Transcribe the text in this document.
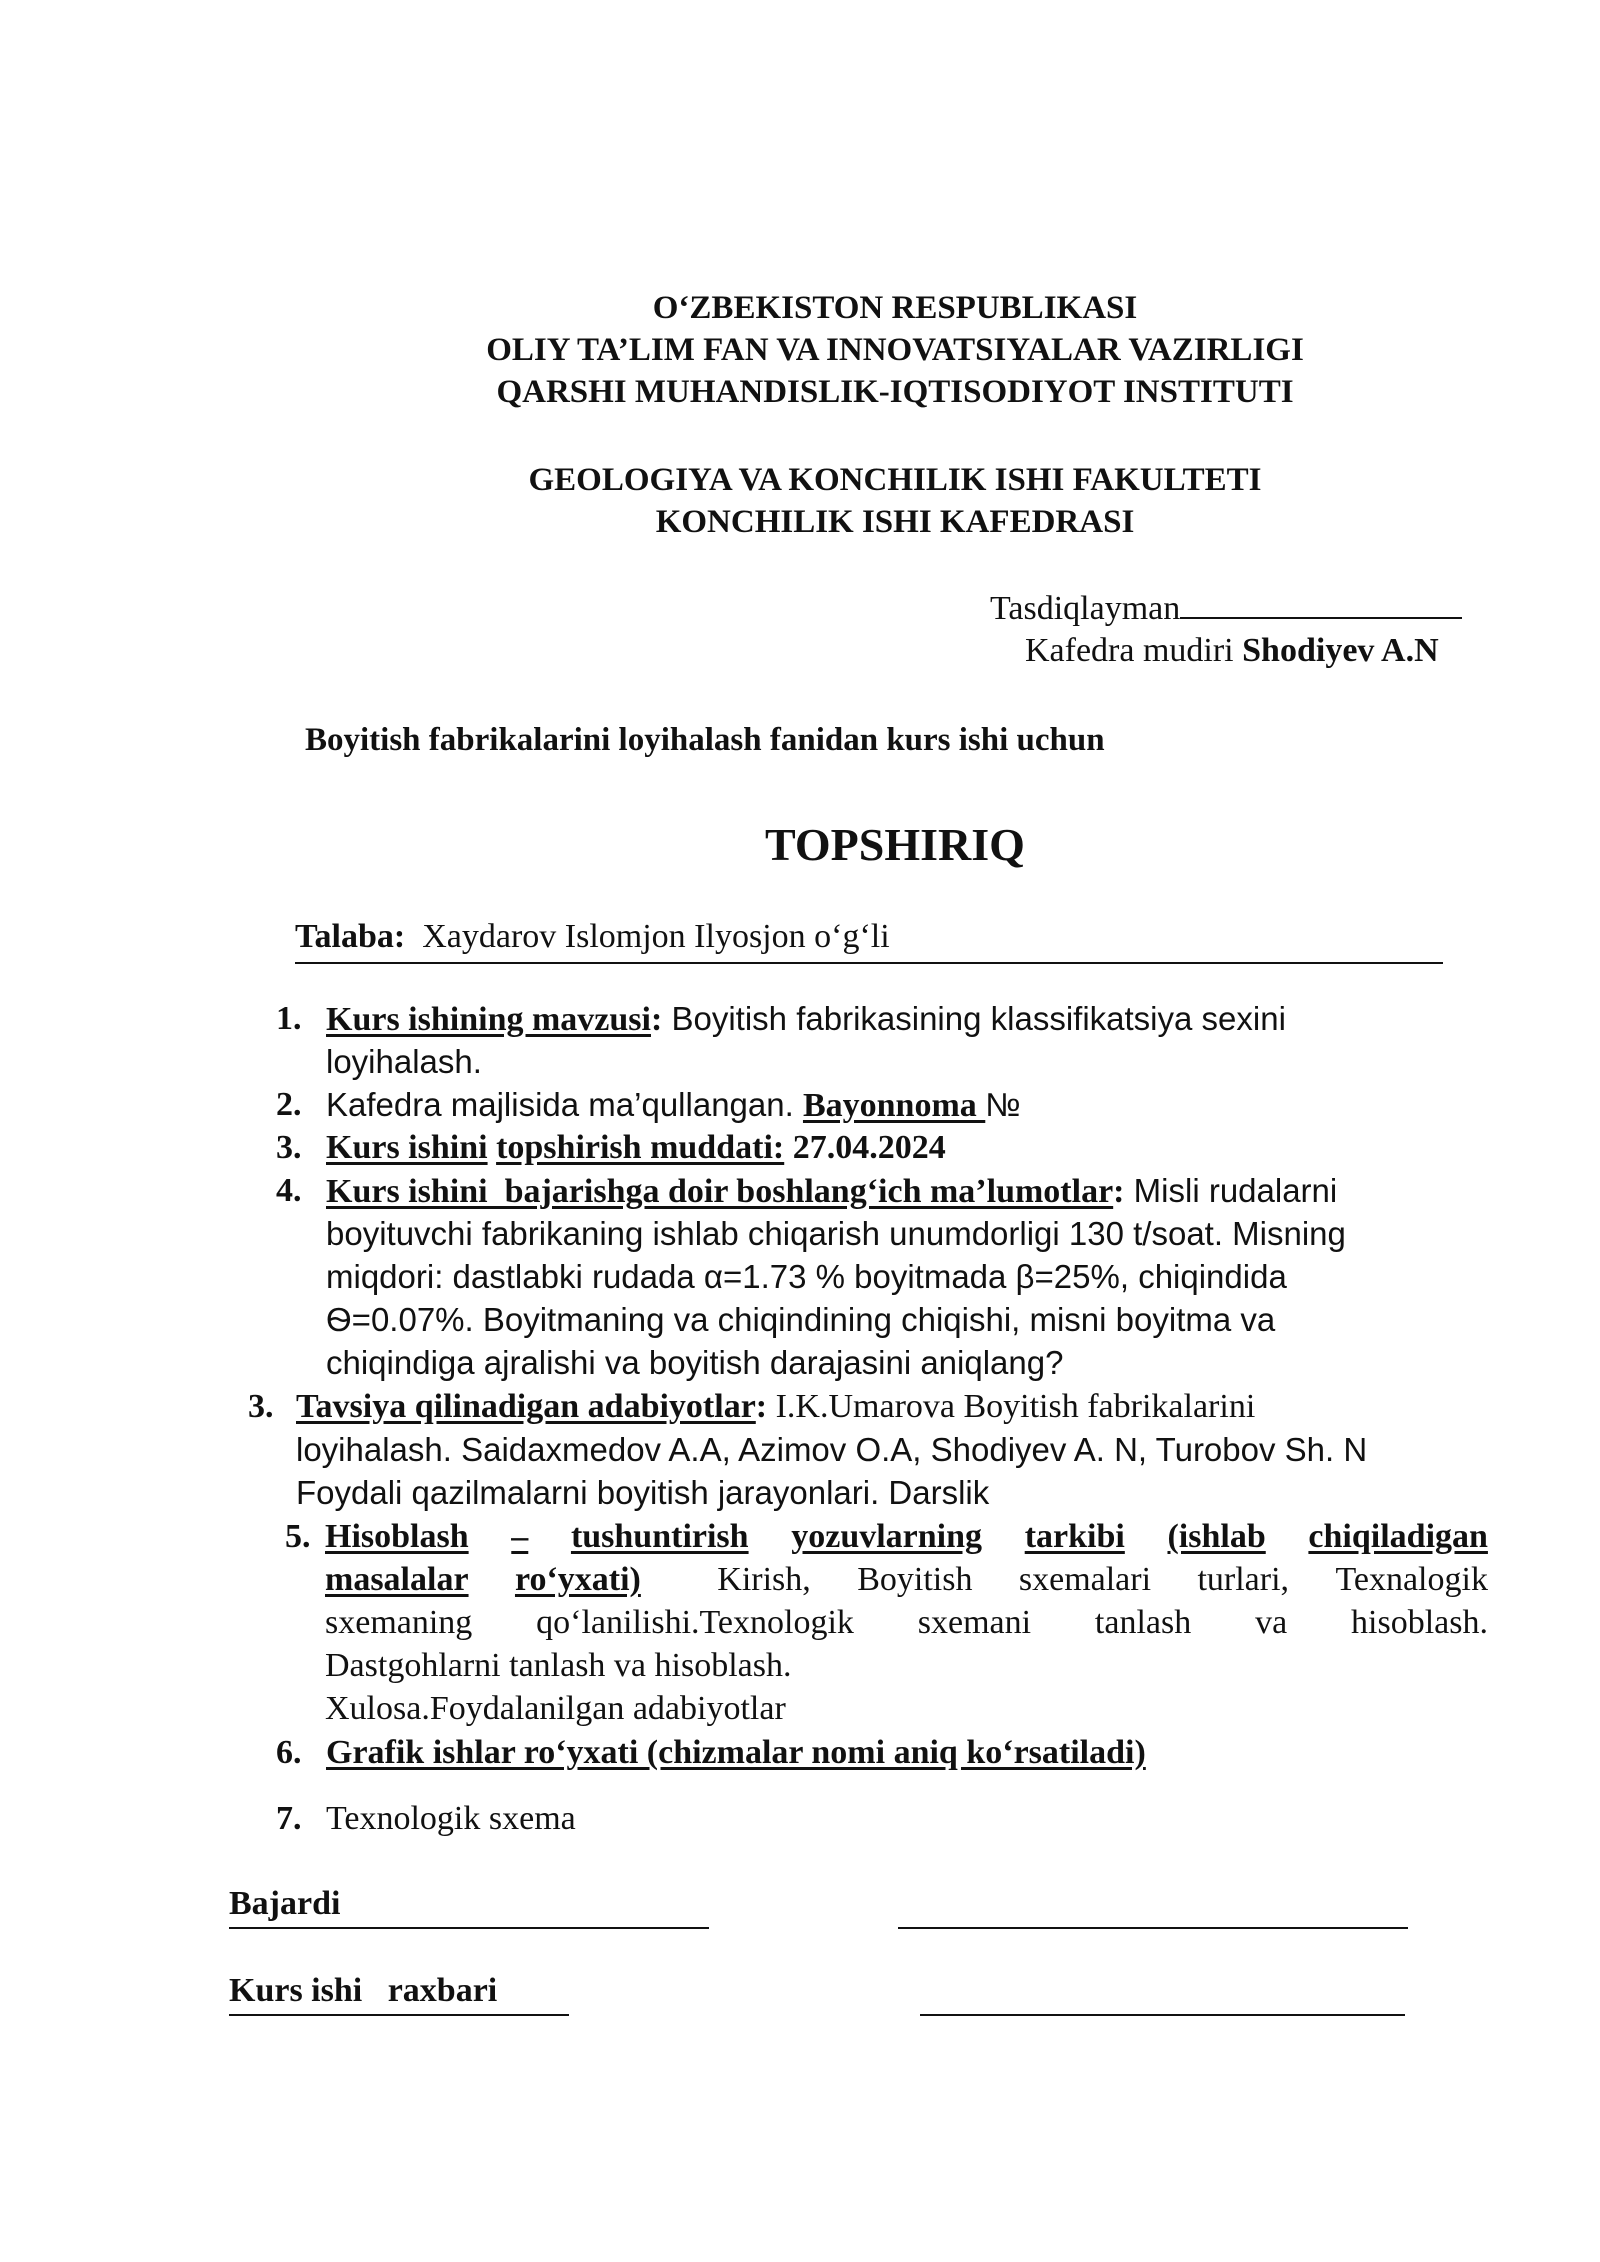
O‘ZBEKISTON RESPUBLIKASI
OLIY TA’LIM FAN VA INNOVATSIYALAR VAZIRLIGI
QARSHI MUHANDISLIK-IQTISODIYOT INSTITUTI
GEOLOGIYA VA KONCHILIK ISHI FAKULTETI
KONCHILIK ISHI KAFEDRASI
Tasdiqlayman
Kafedra mudiri Shodiyev A.N
Boyitish fabrikalarini loyihalash fanidan kurs ishi uchun
TOPSHIRIQ
Talaba: Xaydarov Islomjon Ilyosjon o‘g‘li
1. Kurs ishining mavzusi: Boyitish fabrikasining klassifikatsiya sexini
loyihalash.
2. Kafedra majlisida ma’qullangan. Bayonnoma №
3. Kurs ishini topshirish muddati: 27.04.2024
4. Kurs ishini  bajarishga doir boshlang‘ich ma’lumotlar: Misli rudalarni
boyituvchi fabrikaning ishlab chiqarish unumdorligi 130 t/soat. Misning
miqdori: dastlabki rudada α=1.73 % boyitmada β=25%, chiqindida
Ѳ=0.07%. Boyitmaning va chiqindining chiqishi, misni boyitma va
chiqindiga ajralishi va boyitish darajasini aniqlang?
3. Tavsiya qilinadigan adabiyotlar: I.K.Umarova Boyitish fabrikalarini
loyihalash. Saidaxmedov A.A, Azimov O.A, Shodiyev A. N, Turobov Sh. N
Foydali qazilmalarni boyitish jarayonlari. Darslik
5. Hisoblash – tushuntirish yozuvlarning tarkibi (ishlab chiqiladigan
masalalar ro‘yxati)	Kirish, Boyitish sxemalari turlari, Texnalogik
sxemaning qo‘lanilishi.Texnologik sxemani tanlash va hisoblash.
Dastgohlarni tanlash va hisoblash.
Xulosa.Foydalanilgan adabiyotlar
6. Grafik ishlar ro‘yxati (chizmalar nomi aniq ko‘rsatiladi)
7. Texnologik sxema
Bajardi
Kurs ishi   raxbari
